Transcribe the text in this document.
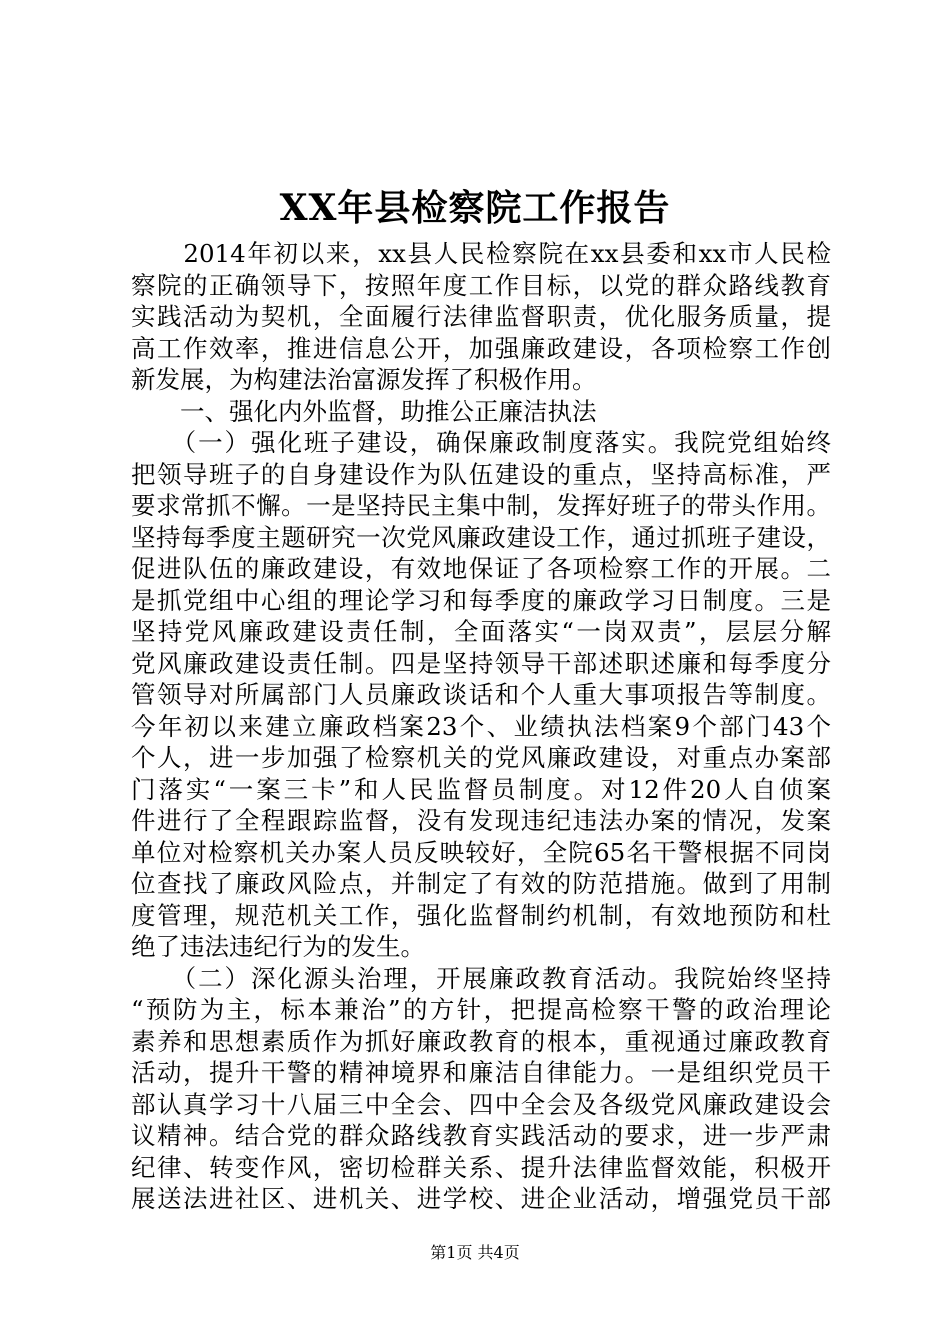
XX年县检察院工作报告
　　2014年初以来，xx县人民检察院在xx县委和xx市人民检
察院的正确领导下，按照年度工作目标，以党的群众路线教育
实践活动为契机，全面履行法律监督职责，优化服务质量，提
高工作效率，推进信息公开，加强廉政建设，各项检察工作创
新发展，为构建法治富源发挥了积极作用。
　　一、强化内外监督，助推公正廉洁执法
　　（一）强化班子建设，确保廉政制度落实。我院党组始终
把领导班子的自身建设作为队伍建设的重点，坚持高标准，严
要求常抓不懈。一是坚持民主集中制，发挥好班子的带头作用。
坚持每季度主题研究一次党风廉政建设工作，通过抓班子建设，
促进队伍的廉政建设，有效地保证了各项检察工作的开展。二
是抓党组中心组的理论学习和每季度的廉政学习日制度。三是
坚持党风廉政建设责任制，全面落实“一岗双责”，层层分解
党风廉政建设责任制。四是坚持领导干部述职述廉和每季度分
管领导对所属部门人员廉政谈话和个人重大事项报告等制度。
今年初以来建立廉政档案23个、业绩执法档案9个部门43个
个人，进一步加强了检察机关的党风廉政建设，对重点办案部
门落实“一案三卡”和人民监督员制度。对12件20人自侦案
件进行了全程跟踪监督，没有发现违纪违法办案的情况，发案
单位对检察机关办案人员反映较好，全院65名干警根据不同岗
位查找了廉政风险点，并制定了有效的防范措施。做到了用制
度管理，规范机关工作，强化监督制约机制，有效地预防和杜
绝了违法违纪行为的发生。
　　（二）深化源头治理，开展廉政教育活动。我院始终坚持
“预防为主，标本兼治”的方针，把提高检察干警的政治理论
素养和思想素质作为抓好廉政教育的根本，重视通过廉政教育
活动，提升干警的精神境界和廉洁自律能力。一是组织党员干
部认真学习十八届三中全会、四中全会及各级党风廉政建设会
议精神。结合党的群众路线教育实践活动的要求，进一步严肃
纪律、转变作风，密切检群关系、提升法律监督效能，积极开
展送法进社区、进机关、进学校、进企业活动，增强党员干部
第1页 共4页
